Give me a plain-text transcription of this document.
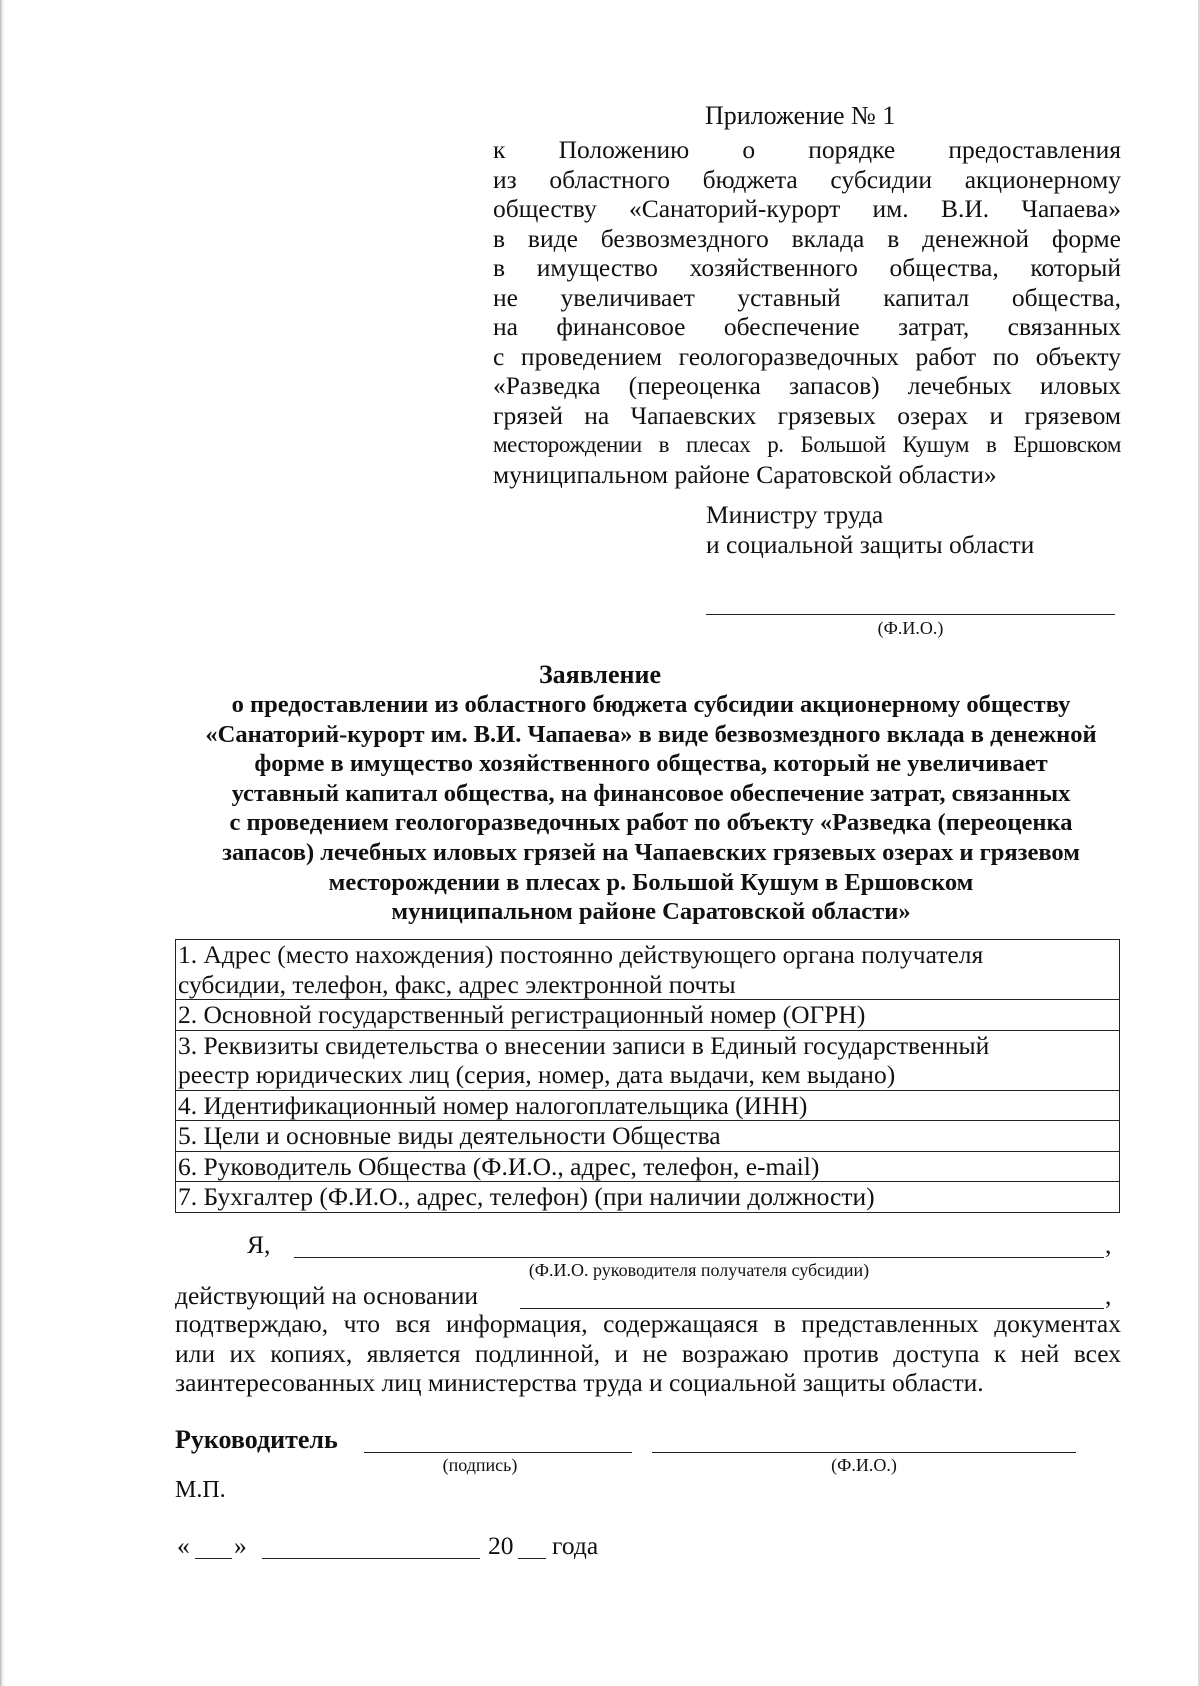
Приложение № 1
к Положению о порядке предоставления
из областного бюджета субсидии акционерному
обществу «Санаторий-курорт им. В.И. Чапаева»
в виде безвозмездного вклада в денежной форме
в имущество хозяйственного общества, который
не увеличивает уставный капитал общества,
на финансовое обеспечение затрат, связанных
с проведением геологоразведочных работ по объекту
«Разведка (переоценка запасов) лечебных иловых
грязей на Чапаевских грязевых озерах и грязевом
месторождении в плесах р. Большой Кушум в Ершовском
муниципальном районе Саратовской области»
Министру труда
и социальной защиты области
(Ф.И.О.)
Заявление
о предоставлении из областного бюджета субсидии акционерному обществу
«Санаторий-курорт им. В.И. Чапаева» в виде безвозмездного вклада в денежной
форме в имущество хозяйственного общества, который не увеличивает
уставный капитал общества, на финансовое обеспечение затрат, связанных
с проведением геологоразведочных работ по объекту «Разведка (переоценка
запасов) лечебных иловых грязей на Чапаевских грязевых озерах и грязевом
месторождении в плесах р. Большой Кушум в Ершовском
муниципальном районе Саратовской области»
1. Адрес (место нахождения) постоянно действующего органа получателя
субсидии, телефон, факс, адрес электронной почты

2. Основной государственный регистрационный номер (ОГРН)

3. Реквизиты свидетельства о внесении записи в Единый государственный
реестр юридических лиц (серия, номер, дата выдачи, кем выдано)

4. Идентификационный номер налогоплательщика (ИНН)

5. Цели и основные виды деятельности Общества

6. Руководитель Общества (Ф.И.О., адрес, телефон, e-mail)

7. Бухгалтер (Ф.И.О., адрес, телефон) (при наличии должности)
Я,	,
(Ф.И.О. руководителя получателя субсидии)
действующий на основании	,
подтверждаю, что вся информация, содержащаяся в представленных документах
или их копиях, является подлинной, и не возражаю против доступа к ней всех
заинтересованных лиц министерства труда и социальной защиты области.
Руководитель
(подпись)	(Ф.И.О.)
М.П.
« »	20 года
